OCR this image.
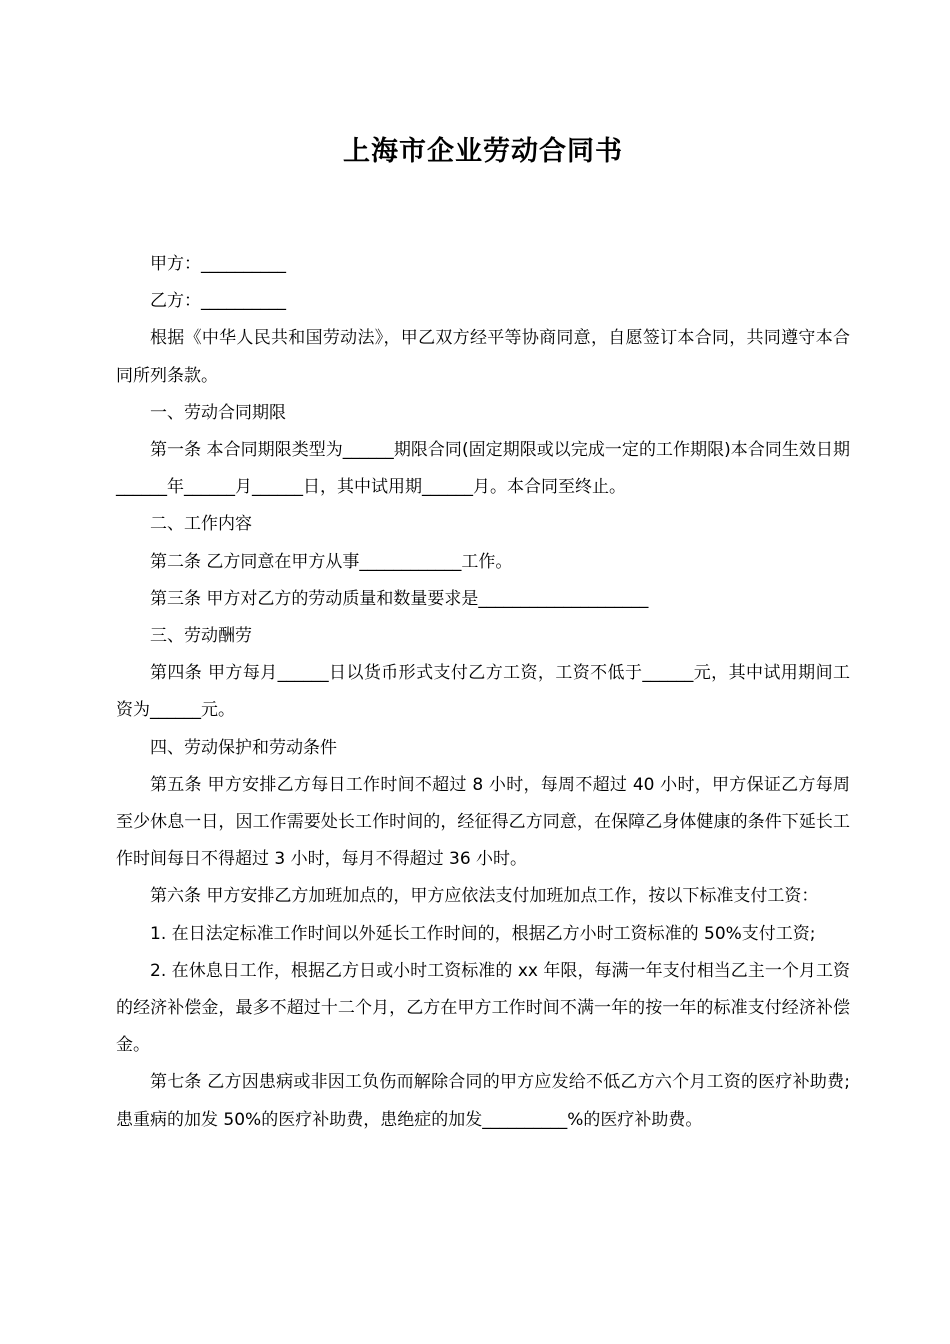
上海市企业劳动合同书

甲方：__________

乙方：__________

根据《中华人民共和国劳动法》，甲乙双方经平等协商同意，自愿签订本合同，共同遵守本合同所列条款。

一、劳动合同期限

第一条 本合同期限类型为______期限合同(固定期限或以完成一定的工作期限)本合同生效日期______年______月______日，其中试用期______月。本合同至终止。

二、工作内容

第二条 乙方同意在甲方从事____________工作。

第三条 甲方对乙方的劳动质量和数量要求是____________________

三、劳动酬劳

第四条 甲方每月______日以货币形式支付乙方工资，工资不低于______元，其中试用期间工资为______元。

四、劳动保护和劳动条件

第五条 甲方安排乙方每日工作时间不超过 8 小时，每周不超过 40 小时，甲方保证乙方每周至少休息一日，因工作需要处长工作时间的，经征得乙方同意，在保障乙身体健康的条件下延长工作时间每日不得超过 3 小时，每月不得超过 36 小时。

第六条 甲方安排乙方加班加点的，甲方应依法支付加班加点工作，按以下标准支付工资：

1. 在日法定标准工作时间以外延长工作时间的，根据乙方小时工资标准的 50%支付工资;

2. 在休息日工作，根据乙方日或小时工资标准的 xx 年限，每满一年支付相当乙主一个月工资的经济补偿金，最多不超过十二个月，乙方在甲方工作时间不满一年的按一年的标准支付经济补偿金。

第七条 乙方因患病或非因工负伤而解除合同的甲方应发给不低乙方六个月工资的医疗补助费;患重病的加发 50%的医疗补助费，患绝症的加发__________%的医疗补助费。
